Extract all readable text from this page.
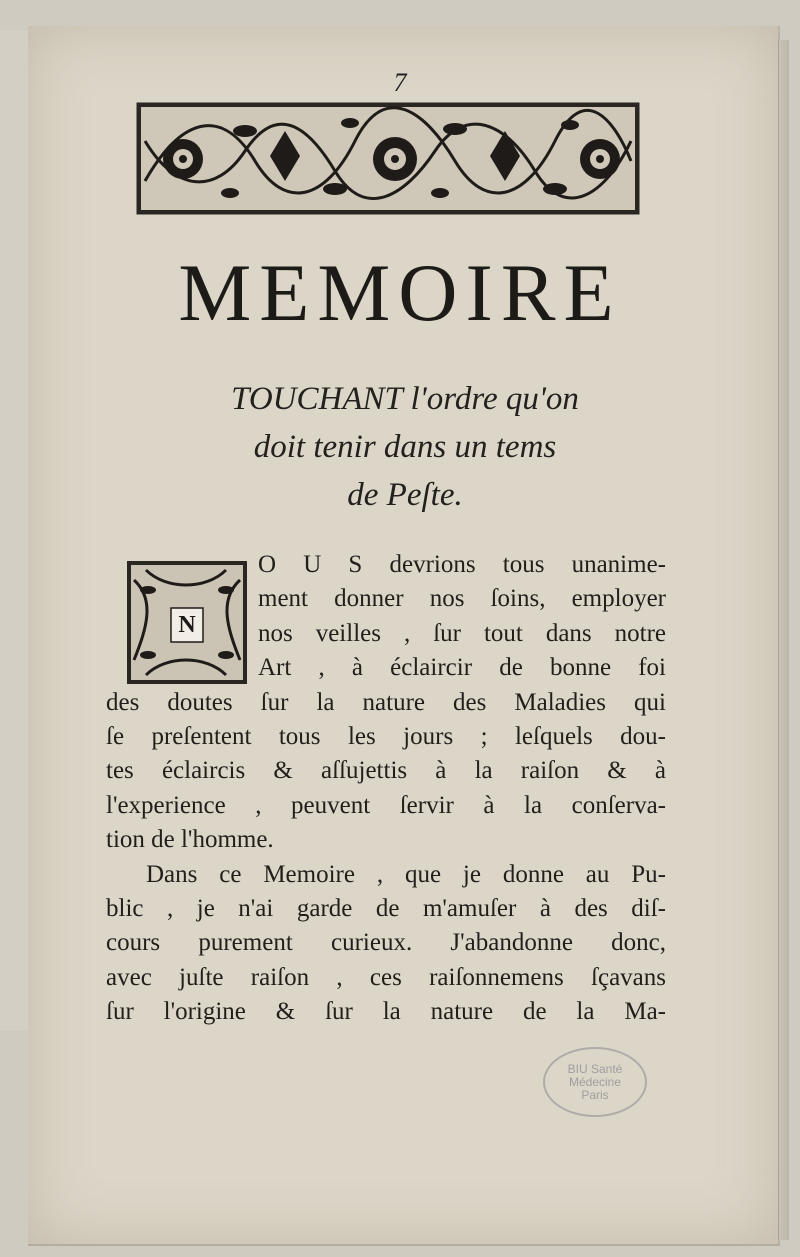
7
MEMOIRE
TOUCHANT l'ordre qu'on
doit tenir dans un tems
de Peſte.
N
O U S devrions tous unanime-
ment donner nos ſoins, employer
nos veilles , ſur tout dans notre
Art , à éclaircir de bonne foi
des doutes ſur la nature des Maladies qui
ſe preſentent tous les jours ; leſquels dou-
tes éclaircis & aſſujettis à la raiſon & à
l'experience , peuvent ſervir à la conſerva-
tion de l'homme.
Dans ce Memoire , que je donne au Pu-
blic , je n'ai garde de m'amuſer à des diſ-
cours purement curieux. J'abandonne donc,
avec juſte raiſon , ces raiſonnemens ſçavans
ſur l'origine & ſur la nature de la Ma-
BIU Santé
Médecine
Paris
